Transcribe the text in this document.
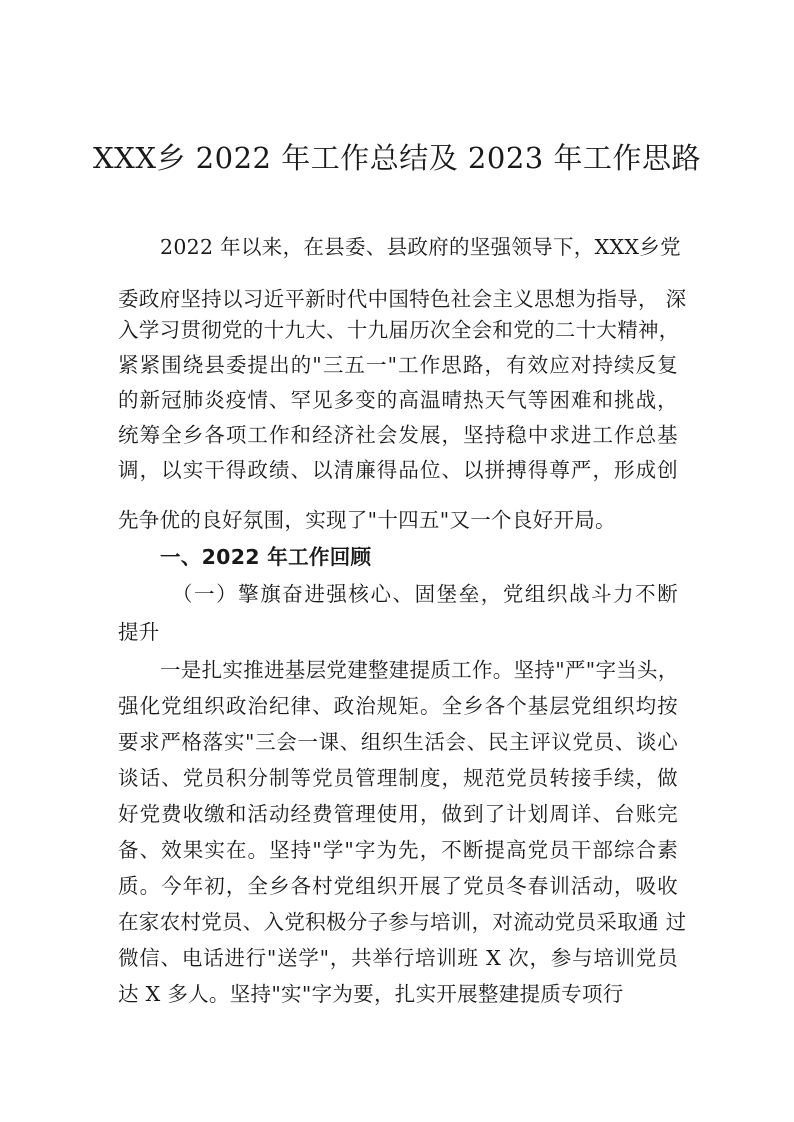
XXX乡 2022 年工作总结及 2023 年工作思路
2022 年以来，在县委、县政府的坚强领导下，XXX乡党
委政府坚持以习近平新时代中国特色社会主义思想为指导， 深
入学习贯彻党的十九大、十九届历次全会和党的二十大精神，
紧紧围绕县委提出的"三五一"工作思路，有效应对持续反复
的新冠肺炎疫情、罕见多变的高温晴热天气等困难和挑战，
统筹全乡各项工作和经济社会发展，坚持稳中求进工作总基
调，以实干得政绩、以清廉得品位、以拼搏得尊严，形成创
先争优的良好氛围，实现了"十四五"又一个良好开局。
一、2022 年工作回顾
（一）擎旗奋进强核心、固堡垒，党组织战斗力不断
提升
一是扎实推进基层党建整建提质工作。坚持"严"字当头，
强化党组织政治纪律、政治规矩。全乡各个基层党组织均按
要求严格落实"三会一课、组织生活会、民主评议党员、谈心
谈话、党员积分制等党员管理制度，规范党员转接手续，做
好党费收缴和活动经费管理使用，做到了计划周详、台账完
备、效果实在。坚持"学"字为先，不断提高党员干部综合素
质。今年初，全乡各村党组织开展了党员冬春训活动，吸收
在家农村党员、入党积极分子参与培训，对流动党员采取通 过
微信、电话进行"送学"，共举行培训班 X 次，参与培训党员
达 X 多人。坚持"实"字为要，扎实开展整建提质专项行
